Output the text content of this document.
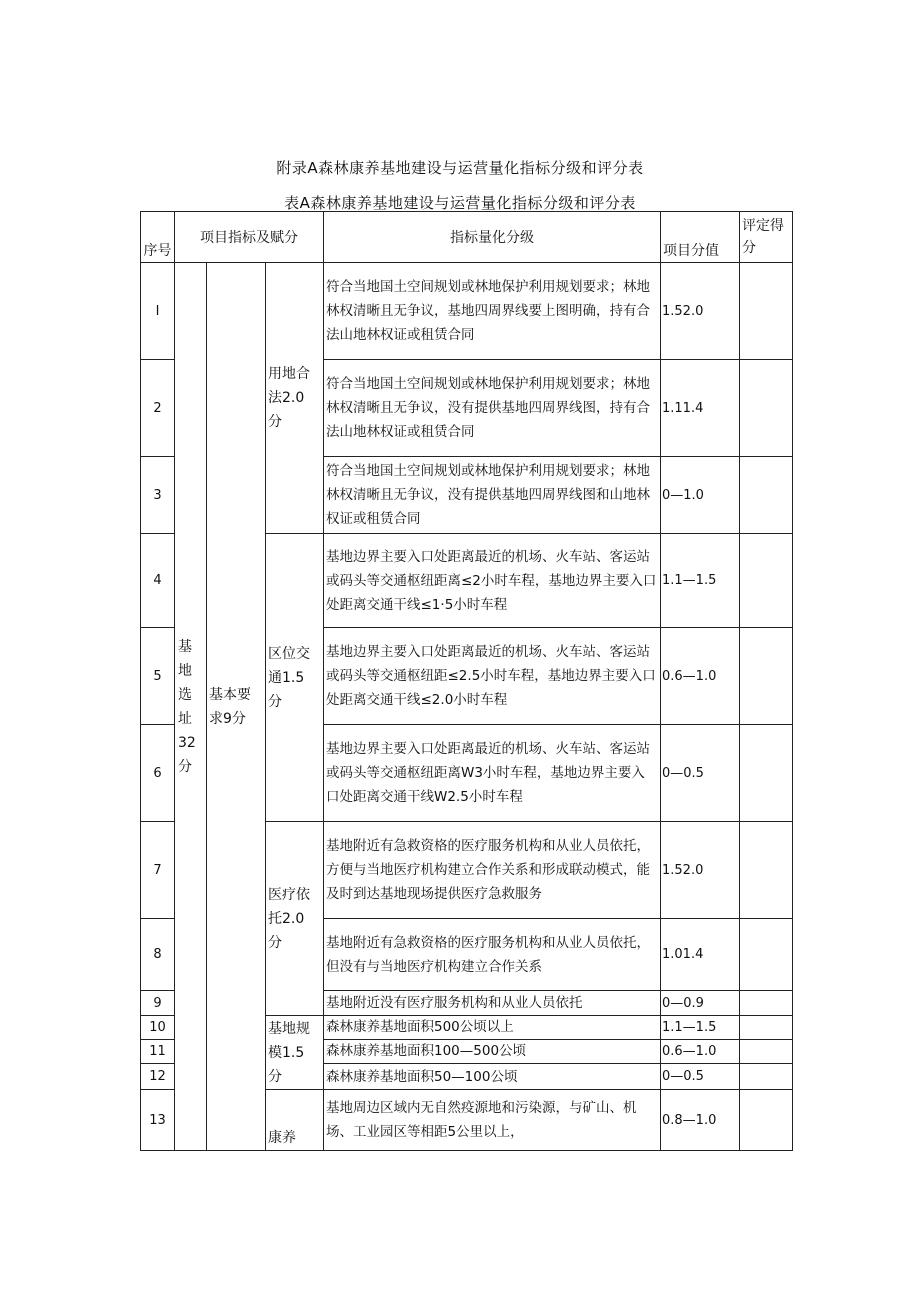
附录A森林康养基地建设与运营量化指标分级和评分表
表A森林康养基地建设与运营量化指标分级和评分表
序号	项目指标及赋分			指标量化分级	项目分值	评定得分
I	基地选址32分	基本要求9分	用地合法2.0分	符合当地国土空间规划或林地保护利用规划要求；林地林权清晰且无争议，基地四周界线要上图明确，持有合法山地林权证或租赁合同	1.52.0	
2				符合当地国土空间规划或林地保护利用规划要求；林地林权清晰且无争议，没有提供基地四周界线图，持有合法山地林权证或租赁合同	1.11.4	
3				符合当地国土空间规划或林地保护利用规划要求；林地林权清晰且无争议，没有提供基地四周界线图和山地林权证或租赁合同	0—1.0	
4			区位交通1.5分	基地边界主要入口处距离最近的机场、火车站、客运站或码头等交通枢纽距离≤2小时车程，基地边界主要入口处距离交通干线≤1·5小时车程	1.1—1.5	
5				基地边界主要入口处距离最近的机场、火车站、客运站或码头等交通枢纽距≤2.5小时车程，基地边界主要入口处距离交通干线≤2.0小时车程	0.6—1.0	
6				基地边界主要入口处距离最近的机场、火车站、客运站或码头等交通枢纽距离W3小时车程，基地边界主要入口处距离交通干线W2.5小时车程	0—0.5	
7			医疗依托2.0分	基地附近有急救资格的医疗服务机构和从业人员依托，方便与当地医疗机构建立合作关系和形成联动模式，能及时到达基地现场提供医疗急救服务	1.52.0	
8				基地附近有急救资格的医疗服务机构和从业人员依托，但没有与当地医疗机构建立合作关系	1.01.4	
9				基地附近没有医疗服务机构和从业人员依托	0—0.9	
10			基地规模1.5分	森林康养基地面积500公顷以上	1.1—1.5	
11				森林康养基地面积100—500公顷	0.6—1.0	
12				森林康养基地面积50—100公顷	0—0.5	
13			康养	基地周边区域内无自然疫源地和污染源，与矿山、机场、工业园区等相距5公里以上，	0.8—1.0	
